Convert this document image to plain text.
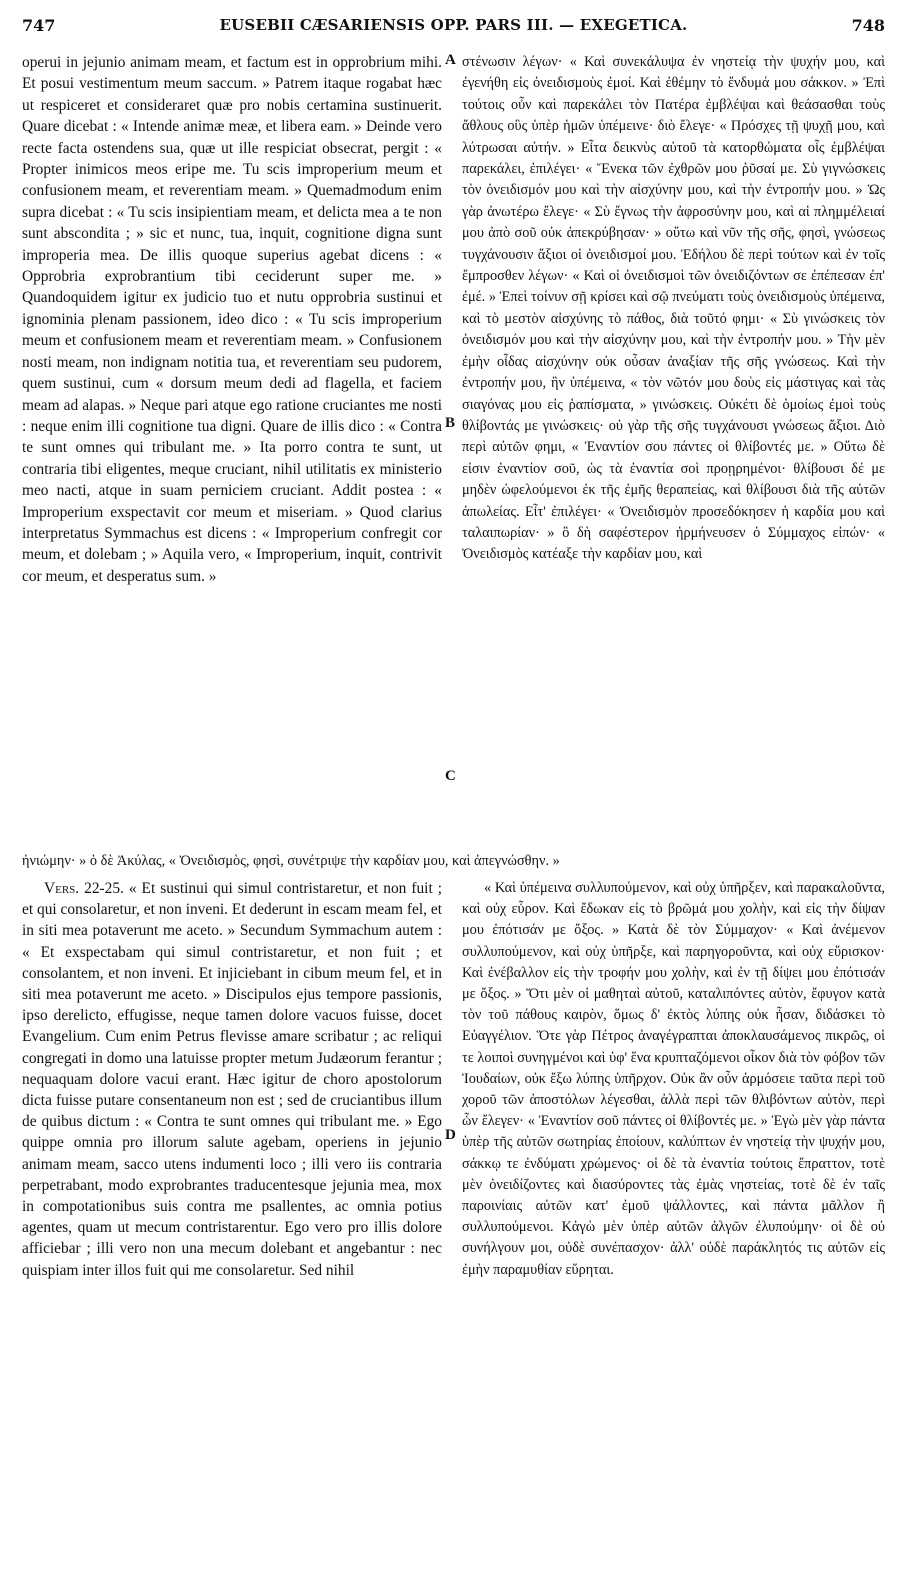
747	EUSEBII CÆSARIENSIS OPP. PARS III. — EXEGETICA.	748

operui in jejunio animam meam, et factum est in opprobrium mihi. Et posui vestimentum meum saccum. » Patrem itaque rogabat hæc ut respiceret et consideraret quæ pro nobis certamina sustinuerit. Quare dicebat : « Intende animæ meæ, et libera eam. » Deinde vero recte facta ostendens sua, quæ ut ille respiciat obsecrat, pergit : « Propter inimicos meos eripe me. Tu scis improperium meum et confusionem meam, et reverentiam meam. » Quemadmodum enim supra dicebat : « Tu scis insipientiam meam, et delicta mea a te non sunt abscondita ; » sic et nunc, tua, inquit, cognitione digna sunt improperia mea. De illis quoque superius agebat dicens : « Opprobria exprobrantium tibi ceciderunt super me. » Quandoquidem igitur ex judicio tuo et nutu opprobria sustinui et ignominia plenam passionem, ideo dico : « Tu scis improperium meum et confusionem meam et reverentiam meam. » Confusionem nosti meam, non indignam notitia tua, et reverentiam seu pudorem, quem sustinui, cum « dorsum meum dedi ad flagella, et faciem meam ad alapas. » Neque pari atque ego ratione cruciantes me nosti : neque enim illi cognitione tua digni. Quare de illis dico : « Contra te sunt omnes qui tribulant me. » Ita porro contra te sunt, ut contraria tibi eligentes, meque cruciant, nihil utilitatis ex ministerio meo nacti, atque in suam perniciem cruciant. Addit postea : « Improperium exspectavit cor meum et miseriam. » Quod clarius interpretatus Symmachus est dicens : « Improperium confregit cor meum, et dolebam ; » Aquila vero, « Improperium, inquit, contrivit cor meum, et desperatus sum. »

στένωσιν λέγων· « Καὶ συνεκάλυψα ἐν νηστείᾳ τὴν ψυχήν μου, καὶ ἐγενήθη εἰς ὀνειδισμοὺς ἐμοί. Καὶ ἐθέμην τὸ ἔνδυμά μου σάκκον. » Ἐπὶ τούτοις οὖν καὶ παρεκάλει τὸν Πατέρα ἐμβλέψαι καὶ θεάσασθαι τοὺς ἄθλους οὓς ὑπὲρ ἡμῶν ὑπέμεινε· διὸ ἔλεγε· « Πρόσχες τῇ ψυχῇ μου, καὶ λύτρωσαι αὐτήν. » Εἶτα δεικνὺς αὐτοῦ τὰ κατορθώματα οἷς ἐμβλέψαι παρεκάλει, ἐπιλέγει· « Ἕνεκα τῶν ἐχθρῶν μου ῥῦσαί με. Σὺ γιγνώσκεις τὸν ὀνειδισμόν μου καὶ τὴν αἰσχύνην μου, καὶ τὴν ἐντροπήν μου. » Ὡς γὰρ ἀνωτέρω ἔλεγε· « Σὺ ἔγνως τὴν ἀφροσύνην μου, καὶ αἱ πλημμέλειαί μου ἀπὸ σοῦ οὐκ ἀπεκρύβησαν· » οὕτω καὶ νῦν τῆς σῆς, φησὶ, γνώσεως τυγχάνουσιν ἄξιοι οἱ ὀνειδισμοί μου. Ἐδήλου δὲ περὶ τούτων καὶ ἐν τοῖς ἔμπροσθεν λέγων· « Καὶ οἱ ὀνειδισμοὶ τῶν ὀνειδιζόντων σε ἐπέπεσαν ἐπ' ἐμέ. » Ἐπεὶ τοίνυν σῇ κρίσει καὶ σῷ πνεύματι τοὺς ὀνειδισμοὺς ὑπέμεινα, καὶ τὸ μεστὸν αἰσχύνης τὸ πάθος, διὰ τοῦτό φημι· « Σὺ γινώσκεις τὸν ὀνειδισμόν μου καὶ τὴν αἰσχύνην μου, καὶ τὴν ἐντροπήν μου. » Τὴν μὲν ἐμὴν οἶδας αἰσχύνην οὐκ οὖσαν ἀναξίαν τῆς σῆς γνώσεως. Καὶ τὴν ἐντροπήν μου, ἣν ὑπέμεινα, « τὸν νῶτόν μου δοὺς εἰς μάστιγας καὶ τὰς σιαγόνας μου εἰς ῥαπίσματα, » γινώσκεις. Οὐκέτι δὲ ὁμοίως ἐμοὶ τοὺς θλίβοντάς με γινώσκεις· οὐ γὰρ τῆς σῆς τυγχάνουσι γνώσεως ἄξιοι. Διὸ περὶ αὐτῶν φημι, « Ἐναντίον σου πάντες οἱ θλίβοντές με. » Οὕτω δὲ εἰσιν ἐναντίον σοῦ, ὡς τὰ ἐναντία σοὶ προῃρημένοι· θλίβουσι δέ με μηδὲν ὠφελούμενοι ἐκ τῆς ἐμῆς θεραπείας, καὶ θλίβουσι διὰ τῆς αὐτῶν ἀπωλείας. Εἶτ' ἐπιλέγει· « Ὀνειδισμὸν προσεδόκησεν ἡ καρδία μου καὶ ταλαιπωρίαν· » ὃ δὴ σαφέστερον ἡρμήνευσεν ὁ Σύμμαχος εἰπών· « Ὀνειδισμὸς κατέαξε τὴν καρδίαν μου, καὶ

A
B
C
D
ἠνιώμην· » ὁ δὲ Ἀκύλας, « Ὀνειδισμὸς, φησὶ, συνέτριψε τὴν καρδίαν μου, καὶ ἀπεγνώσθην. »

Vers. 22-25. « Et sustinui qui simul contristaretur, et non fuit ; et qui consolaretur, et non inveni. Et dederunt in escam meam fel, et in siti mea potaverunt me aceto. » Secundum Symmachum autem : « Et exspectabam qui simul contristaretur, et non fuit ; et consolantem, et non inveni. Et injiciebant in cibum meum fel, et in siti mea potaverunt me aceto. » Discipulos ejus tempore passionis, ipso derelicto, effugisse, neque tamen dolore vacuos fuisse, docet Evangelium. Cum enim Petrus flevisse amare scribatur ; ac reliqui congregati in domo una latuisse propter metum Judæorum ferantur ; nequaquam dolore vacui erant. Hæc igitur de choro apostolorum dicta fuisse putare consentaneum non est ; sed de cruciantibus illum de quibus dictum : « Contra te sunt omnes qui tribulant me. » Ego quippe omnia pro illorum salute agebam, operiens in jejunio animam meam, sacco utens indumenti loco ; illi vero iis contraria perpetrabant, modo exprobrantes traducentesque jejunia mea, mox in compotationibus suis contra me psallentes, ac omnia potius agentes, quam ut mecum contristarentur. Ego vero pro illis dolore afficiebar ; illi vero non una mecum dolebant et angebantur : nec quispiam inter illos fuit qui me consolaretur. Sed nihil

« Καὶ ὑπέμεινα συλλυπούμενον, καὶ οὐχ ὑπῆρξεν, καὶ παρακαλοῦντα, καὶ οὐχ εὗρον. Καὶ ἔδωκαν εἰς τὸ βρῶμά μου χολὴν, καὶ εἰς τὴν δίψαν μου ἐπότισάν με ὄξος. » Κατὰ δὲ τὸν Σύμμαχον· « Καὶ ἀνέμενον συλλυπούμενον, καὶ οὐχ ὑπῆρξε, καὶ παρηγοροῦντα, καὶ οὐχ εὕρισκον· Καὶ ἐνέβαλλον εἰς τὴν τροφήν μου χολὴν, καὶ ἐν τῇ δίψει μου ἐπότισάν με ὄξος. » Ὅτι μὲν οἱ μαθηταὶ αὐτοῦ, καταλιπόντες αὐτὸν, ἔφυγον κατὰ τὸν τοῦ πάθους καιρὸν, ὅμως δ' ἐκτὸς λύπης οὐκ ἦσαν, διδάσκει τὸ Εὐαγγέλιον. Ὅτε γὰρ Πέτρος ἀναγέγραπται ἀποκλαυσάμενος πικρῶς, οἱ τε λοιποὶ συνηγμένοι καὶ ὑφ' ἕνα κρυπταζόμενοι οἶκον διὰ τὸν φόβον τῶν Ἰουδαίων, οὐκ ἔξω λύπης ὑπῆρχον. Οὐκ ἂν οὖν ἁρμόσειε ταῦτα περὶ τοῦ χοροῦ τῶν ἀποστόλων λέγεσθαι, ἀλλὰ περὶ τῶν θλιβόντων αὐτὸν, περὶ ὧν ἔλεγεν· « Ἐναντίον σοῦ πάντες οἱ θλίβοντές με. » Ἐγὼ μὲν γὰρ πάντα ὑπὲρ τῆς αὐτῶν σωτηρίας ἐποίουν, καλύπτων ἐν νηστείᾳ τὴν ψυχήν μου, σάκκῳ τε ἐνδύματι χρώμενος· οἱ δὲ τὰ ἐναντία τούτοις ἔπραττον, τοτὲ μὲν ὀνειδίζοντες καὶ διασύροντες τὰς ἐμὰς νηστείας, τοτὲ δὲ ἐν ταῖς παροινίαις αὐτῶν κατ' ἐμοῦ ψάλλοντες, καὶ πάντα μᾶλλον ἢ συλλυπούμενοι. Κἀγὼ μὲν ὑπὲρ αὐτῶν ἀλγῶν ἐλυπούμην· οἱ δὲ οὐ συνήλγουν μοι, οὐδὲ συνέπασχον· ἀλλ' οὐδὲ παράκλητός τις αὐτῶν εἰς ἐμὴν παραμυθίαν εὕρηται.
